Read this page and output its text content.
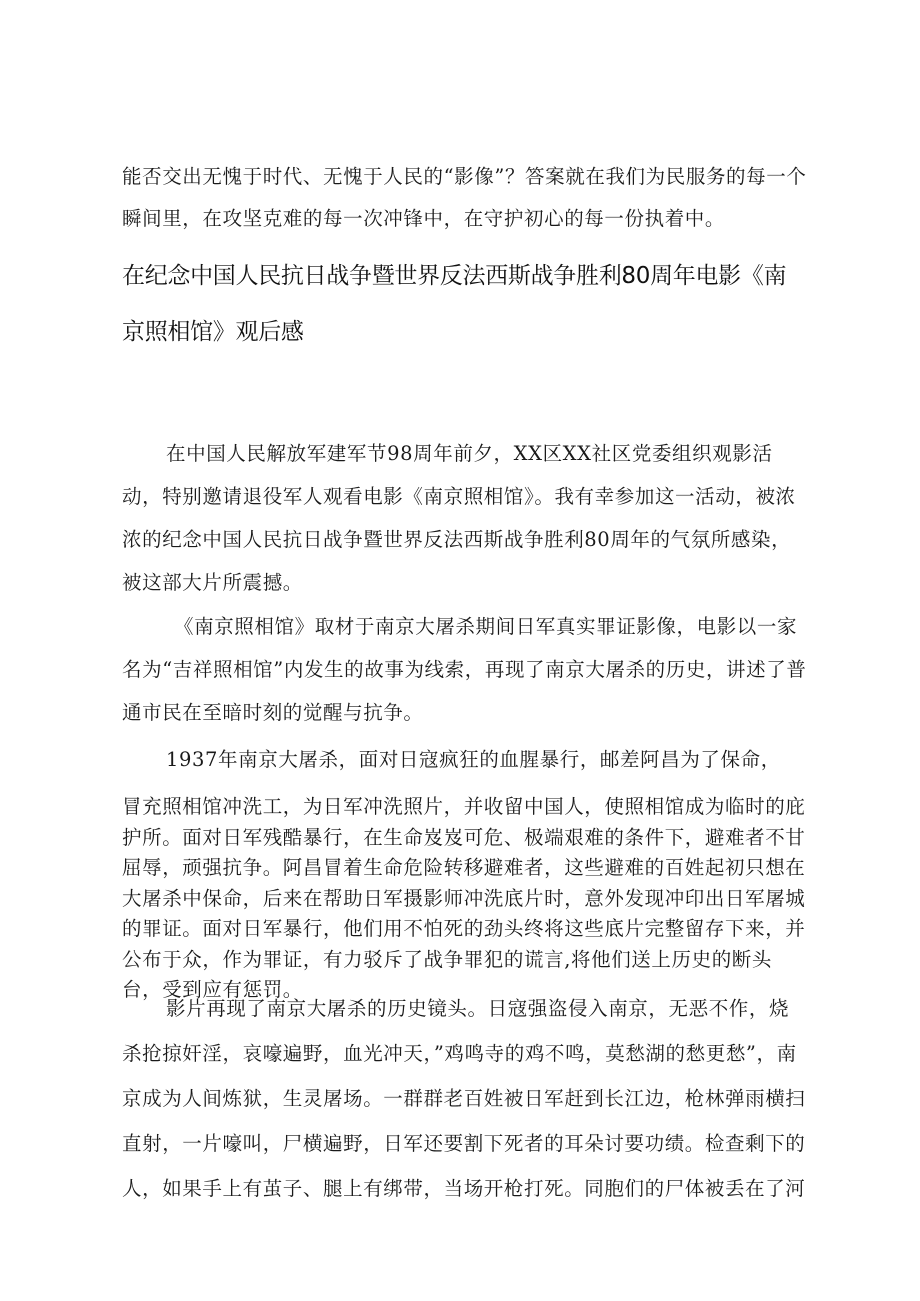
能否交出无愧于时代、无愧于人民的“影像”？答案就在我们为民服务的每一个瞬间里，在攻坚克难的每一次冲锋中，在守护初心的每一份执着中。

在纪念中国人民抗日战争暨世界反法西斯战争胜利80周年电影《南京照相馆》观后感

在中国人民解放军建军节98周年前夕，XX区XX社区党委组织观影活动，特别邀请退役军人观看电影《南京照相馆》。我有幸参加这一活动，被浓浓的纪念中国人民抗日战争暨世界反法西斯战争胜利80周年的气氛所感染，被这部大片所震撼。

《南京照相馆》取材于南京大屠杀期间日军真实罪证影像，电影以一家名为“吉祥照相馆”内发生的故事为线索，再现了南京大屠杀的历史，讲述了普通市民在至暗时刻的觉醒与抗争。

1937年南京大屠杀，面对日寇疯狂的血腥暴行，邮差阿昌为了保命，

冒充照相馆冲洗工，为日军冲洗照片，并收留中国人，使照相馆成为临时的庇护所。面对日军残酷暴行，在生命岌岌可危、极端艰难的条件下，避难者不甘屈辱，顽强抗争。阿昌冒着生命危险转移避难者，这些避难的百姓起初只想在大屠杀中保命，后来在帮助日军摄影师冲洗底片时，意外发现冲印出日军屠城的罪证。面对日军暴行，他们用不怕死的劲头终将这些底片完整留存下来，并公布于众，作为罪证，有力驳斥了战争罪犯的谎言,将他们送上历史的断头台，受到应有惩罚。

影片再现了南京大屠杀的历史镜头。日寇强盗侵入南京，无恶不作，烧杀抢掠奸淫，哀嚎遍野，血光冲天，”鸡鸣寺的鸡不鸣，莫愁湖的愁更愁”，南京成为人间炼狱，生灵屠场。一群群老百姓被日军赶到长江边，枪林弹雨横扫直射，一片嚎叫，尸横遍野，日军还要割下死者的耳朵讨要功绩。检查剩下的人，如果手上有茧子、腿上有绑带，当场开枪打死。同胞们的尸体被丢在了河
